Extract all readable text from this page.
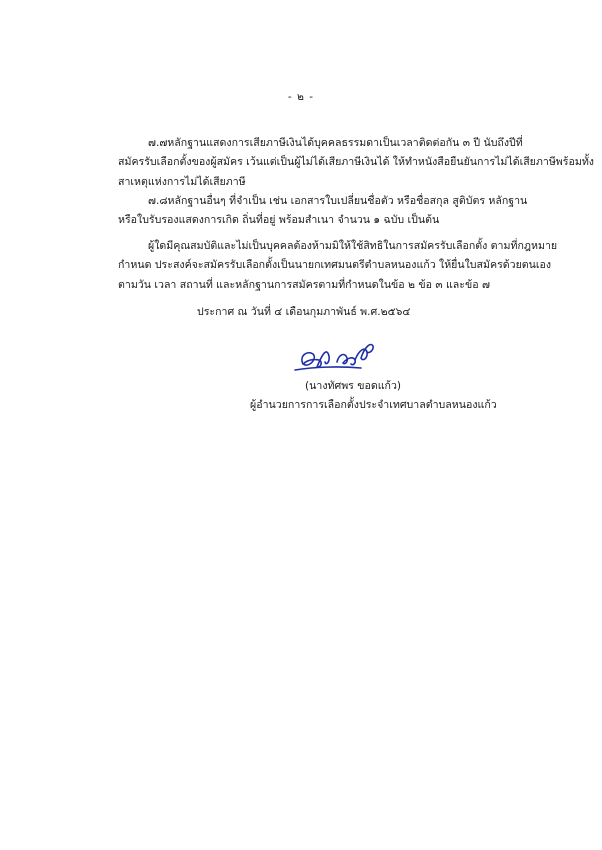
- ๒ -
๗.๗หลักฐานแสดงการเสียภาษีเงินได้บุคคลธรรมดาเป็นเวลาติดต่อกัน ๓ ปี นับถึงปีที่
สมัครรับเลือกตั้งของผู้สมัคร เว้นแต่เป็นผู้ไม่ได้เสียภาษีเงินได้ ให้ทำหนังสือยืนยันการไม่ได้เสียภาษีพร้อมทั้ง
สาเหตุแห่งการไม่ได้เสียภาษี
๗.๘หลักฐานอื่นๆ ที่จำเป็น เช่น เอกสารใบเปลี่ยนชื่อตัว หรือชื่อสกุล สูติบัตร หลักฐาน
หรือใบรับรองแสดงการเกิด ถิ่นที่อยู่ พร้อมสำเนา จำนวน ๑ ฉบับ เป็นต้น
ผู้ใดมีคุณสมบัติและไม่เป็นบุคคลต้องห้ามมิให้ใช้สิทธิในการสมัครรับเลือกตั้ง ตามที่กฎหมาย
กำหนด ประสงค์จะสมัครรับเลือกตั้งเป็นนายกเทศมนตรีตำบลหนองแก้ว ให้ยื่นใบสมัครด้วยตนเอง
ตามวัน เวลา สถานที่ และหลักฐานการสมัครตามที่กำหนดในข้อ ๒ ข้อ ๓ และข้อ ๗
ประกาศ ณ วันที่ ๔ เดือนกุมภาพันธ์ พ.ศ.๒๕๖๔
(นางทัศพร ขอดแก้ว)
ผู้อำนวยการการเลือกตั้งประจำเทศบาลตำบลหนองแก้ว
